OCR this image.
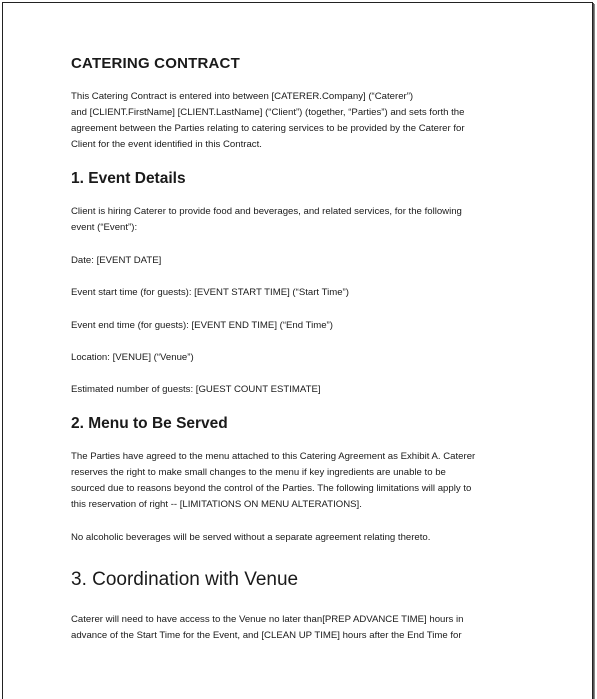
CATERING CONTRACT
This Catering Contract is entered into between [CATERER.Company] (“Caterer”)
and [CLIENT.FirstName] [CLIENT.LastName] (“Client”) (together, “Parties”) and sets forth the
agreement between the Parties relating to catering services to be provided by the Caterer for
Client for the event identified in this Contract.
1. Event Details
Client is hiring Caterer to provide food and beverages, and related services, for the following
event (“Event”):

Date: [EVENT DATE]

Event start time (for guests): [EVENT START TIME] (“Start Time”)

Event end time (for guests): [EVENT END TIME] (“End Time”)

Location: [VENUE] (“Venue”)

Estimated number of guests: [GUEST COUNT ESTIMATE]

2. Menu to Be Served
The Parties have agreed to the menu attached to this Catering Agreement as Exhibit A. Caterer
reserves the right to make small changes to the menu if key ingredients are unable to be
sourced due to reasons beyond the control of the Parties. The following limitations will apply to
this reservation of right -- [LIMITATIONS ON MENU ALTERATIONS].

No alcoholic beverages will be served without a separate agreement relating thereto.

3. Coordination with Venue
Caterer will need to have access to the Venue no later than[PREP ADVANCE TIME] hours in
advance of the Start Time for the Event, and [CLEAN UP TIME] hours after the End Time for
